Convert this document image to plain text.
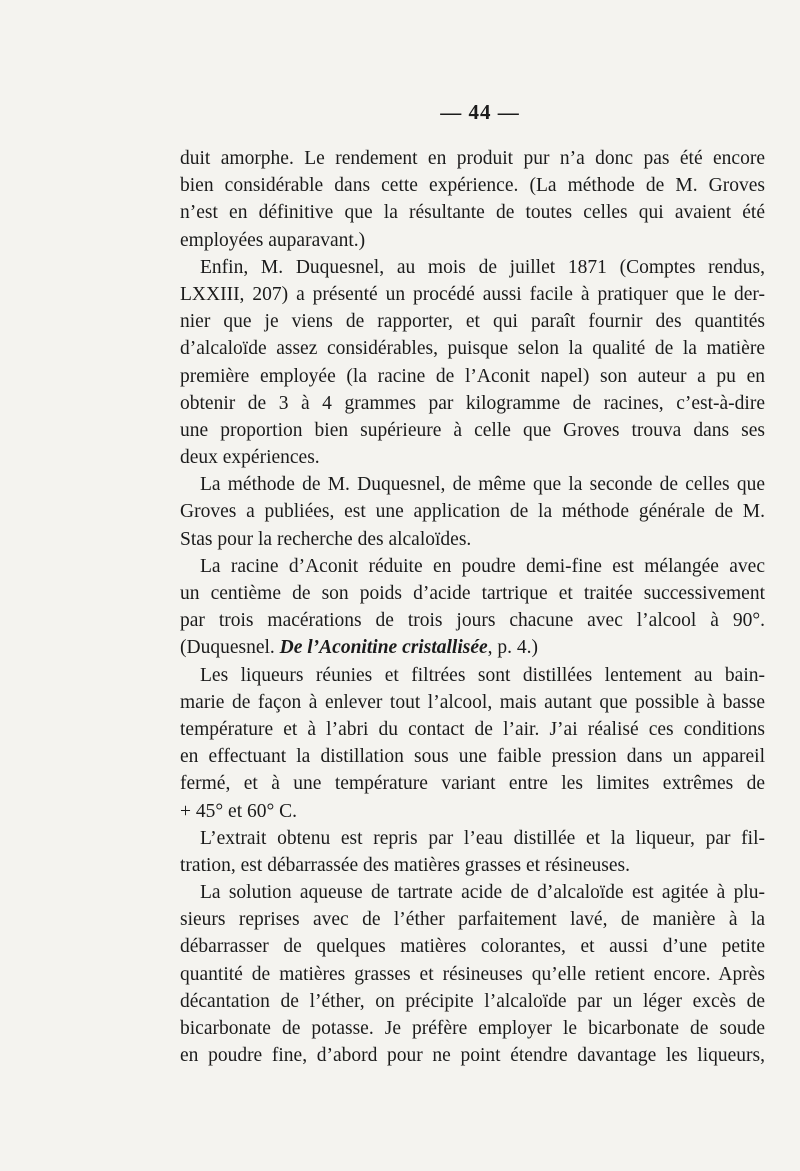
— 44 —
duit amorphe. Le rendement en produit pur n’a donc pas été encore
bien considérable dans cette expérience. (La méthode de M. Groves
n’est en définitive que la résultante de toutes celles qui avaient été
employées auparavant.)
Enfin, M. Duquesnel, au mois de juillet 1871 (Comptes rendus,
LXXIII, 207) a présenté un procédé aussi facile à pratiquer que le der-
nier que je viens de rapporter, et qui paraît fournir des quantités
d’alcaloïde assez considérables, puisque selon la qualité de la matière
première employée (la racine de l’Aconit napel) son auteur a pu en
obtenir de 3 à 4 grammes par kilogramme de racines, c’est-à-dire
une proportion bien supérieure à celle que Groves trouva dans ses
deux expériences.
La méthode de M. Duquesnel, de même que la seconde de celles que
Groves a publiées, est une application de la méthode générale de M.
Stas pour la recherche des alcaloïdes.
La racine d’Aconit réduite en poudre demi-fine est mélangée avec
un centième de son poids d’acide tartrique et traitée successivement
par trois macérations de trois jours chacune avec l’alcool à 90°.
(Duquesnel. De l’Aconitine cristallisée, p. 4.)
Les liqueurs réunies et filtrées sont distillées lentement au bain-
marie de façon à enlever tout l’alcool, mais autant que possible à basse
température et à l’abri du contact de l’air. J’ai réalisé ces conditions
en effectuant la distillation sous une faible pression dans un appareil
fermé, et à une température variant entre les limites extrêmes de
+ 45° et 60° C.
L’extrait obtenu est repris par l’eau distillée et la liqueur, par fil-
tration, est débarrassée des matières grasses et résineuses.
La solution aqueuse de tartrate acide de d’alcaloïde est agitée à plu-
sieurs reprises avec de l’éther parfaitement lavé, de manière à la
débarrasser de quelques matières colorantes, et aussi d’une petite
quantité de matières grasses et résineuses qu’elle retient encore. Après
décantation de l’éther, on précipite l’alcaloïde par un léger excès de
bicarbonate de potasse. Je préfère employer le bicarbonate de soude
en poudre fine, d’abord pour ne point étendre davantage les liqueurs,
